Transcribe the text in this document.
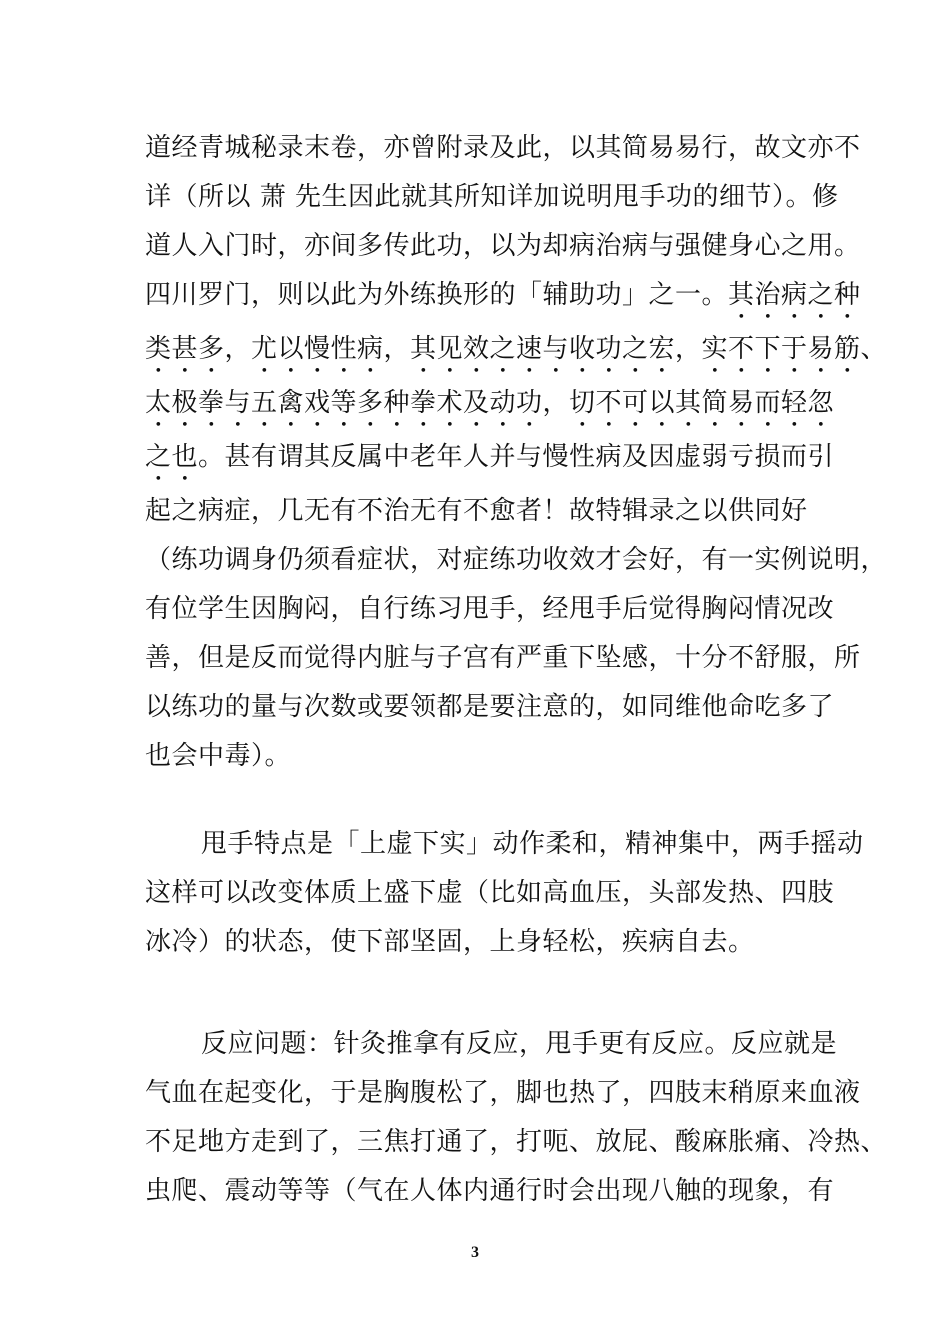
道经青城秘录末卷，亦曾附录及此，以其简易易行，故文亦不
详（所以 萧 先生因此就其所知详加说明甩手功的细节）。修
道人入门时，亦间多传此功，以为却病治病与强健身心之用。
四川罗门，则以此为外练换形的「辅助功」之一。其治病之种
类甚多，尤以慢性病，其见效之速与收功之宏，实不下于易筋、
太极拳与五禽戏等多种拳术及动功，切不可以其简易而轻忽
之也。甚有谓其反属中老年人并与慢性病及因虚弱亏损而引
起之病症，几无有不治无有不愈者！故特辑录之以供同好
（练功调身仍须看症状，对症练功收效才会好，有一实例说明，
有位学生因胸闷，自行练习甩手，经甩手后觉得胸闷情况改
善，但是反而觉得内脏与子宫有严重下坠感，十分不舒服，所
以练功的量与次数或要领都是要注意的，如同维他命吃多了
也会中毒）。

甩手特点是「上虚下实」动作柔和，精神集中，两手摇动
这样可以改变体质上盛下虚（比如高血压，头部发热、四肢
冰冷）的状态，使下部坚固，上身轻松，疾病自去。

反应问题：针灸推拿有反应，甩手更有反应。反应就是
气血在起变化，于是胸腹松了，脚也热了，四肢末稍原来血液
不足地方走到了，三焦打通了，打呃、放屁、酸麻胀痛、冷热、
虫爬、震动等等（气在人体内通行时会出现八触的现象，有

3
